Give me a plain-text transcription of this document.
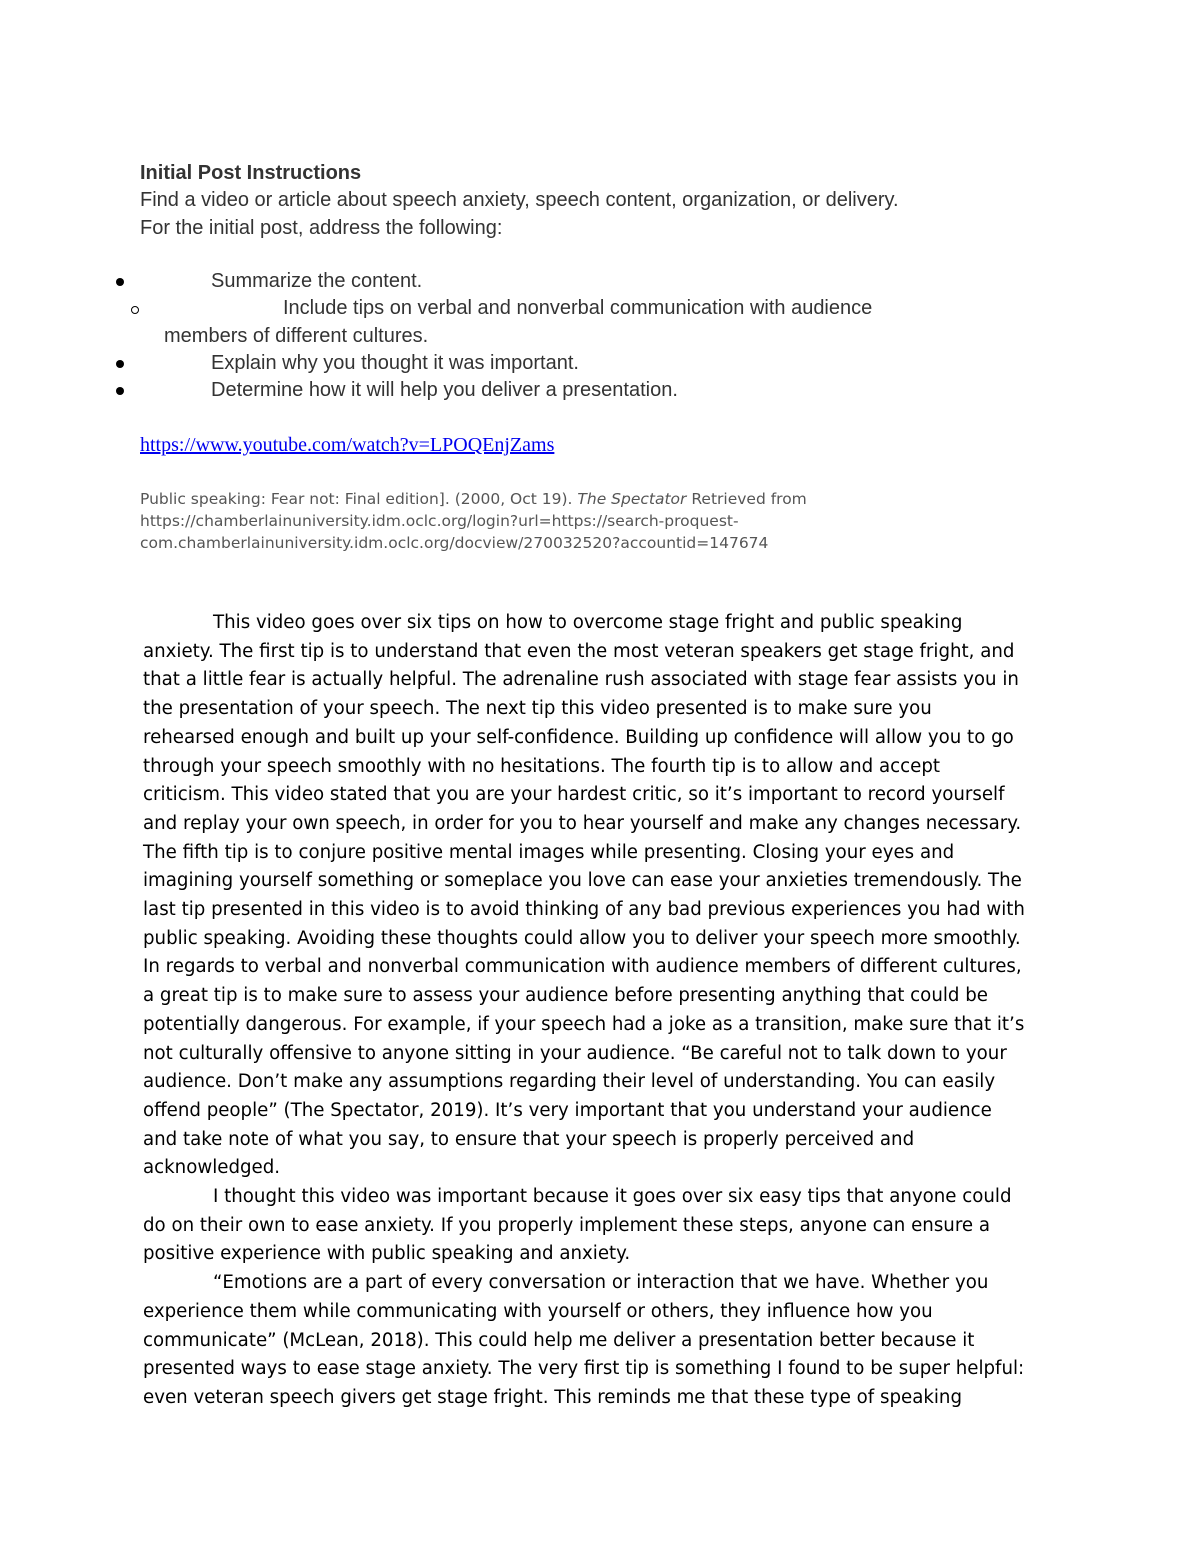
Initial Post Instructions

Find a video or article about speech anxiety, speech content, organization, or delivery.

For the initial post, address the following:

Summarize the content.
Include tips on verbal and nonverbal communication with audience
members of different cultures.
Explain why you thought it was important.
Determine how it will help you deliver a presentation.
https://www.youtube.com/watch?v=LPOQEnjZams

Public speaking: Fear not: Final edition]. (2000, Oct 19). The Spectator Retrieved from

https://chamberlainuniversity.idm.oclc.org/login?url=https://search-proquest-

com.chamberlainuniversity.idm.oclc.org/docview/270032520?accountid=147674

This video goes over six tips on how to overcome stage fright and public speaking

anxiety. The first tip is to understand that even the most veteran speakers get stage fright, and

that a little fear is actually helpful. The adrenaline rush associated with stage fear assists you in

the presentation of your speech. The next tip this video presented is to make sure you

rehearsed enough and built up your self-confidence. Building up confidence will allow you to go

through your speech smoothly with no hesitations. The fourth tip is to allow and accept

criticism. This video stated that you are your hardest critic, so it’s important to record yourself

and replay your own speech, in order for you to hear yourself and make any changes necessary.

The fifth tip is to conjure positive mental images while presenting. Closing your eyes and

imagining yourself something or someplace you love can ease your anxieties tremendously. The

last tip presented in this video is to avoid thinking of any bad previous experiences you had with

public speaking. Avoiding these thoughts could allow you to deliver your speech more smoothly.

In regards to verbal and nonverbal communication with audience members of different cultures,

a great tip is to make sure to assess your audience before presenting anything that could be

potentially dangerous. For example, if your speech had a joke as a transition, make sure that it’s

not culturally offensive to anyone sitting in your audience. “Be careful not to talk down to your

audience. Don’t make any assumptions regarding their level of understanding. You can easily

offend people” (The Spectator, 2019). It’s very important that you understand your audience

and take note of what you say, to ensure that your speech is properly perceived and

acknowledged.

I thought this video was important because it goes over six easy tips that anyone could

do on their own to ease anxiety. If you properly implement these steps, anyone can ensure a

positive experience with public speaking and anxiety.

“Emotions are a part of every conversation or interaction that we have. Whether you

experience them while communicating with yourself or others, they influence how you

communicate” (McLean, 2018). This could help me deliver a presentation better because it

presented ways to ease stage anxiety. The very first tip is something I found to be super helpful:

even veteran speech givers get stage fright. This reminds me that these type of speaking
